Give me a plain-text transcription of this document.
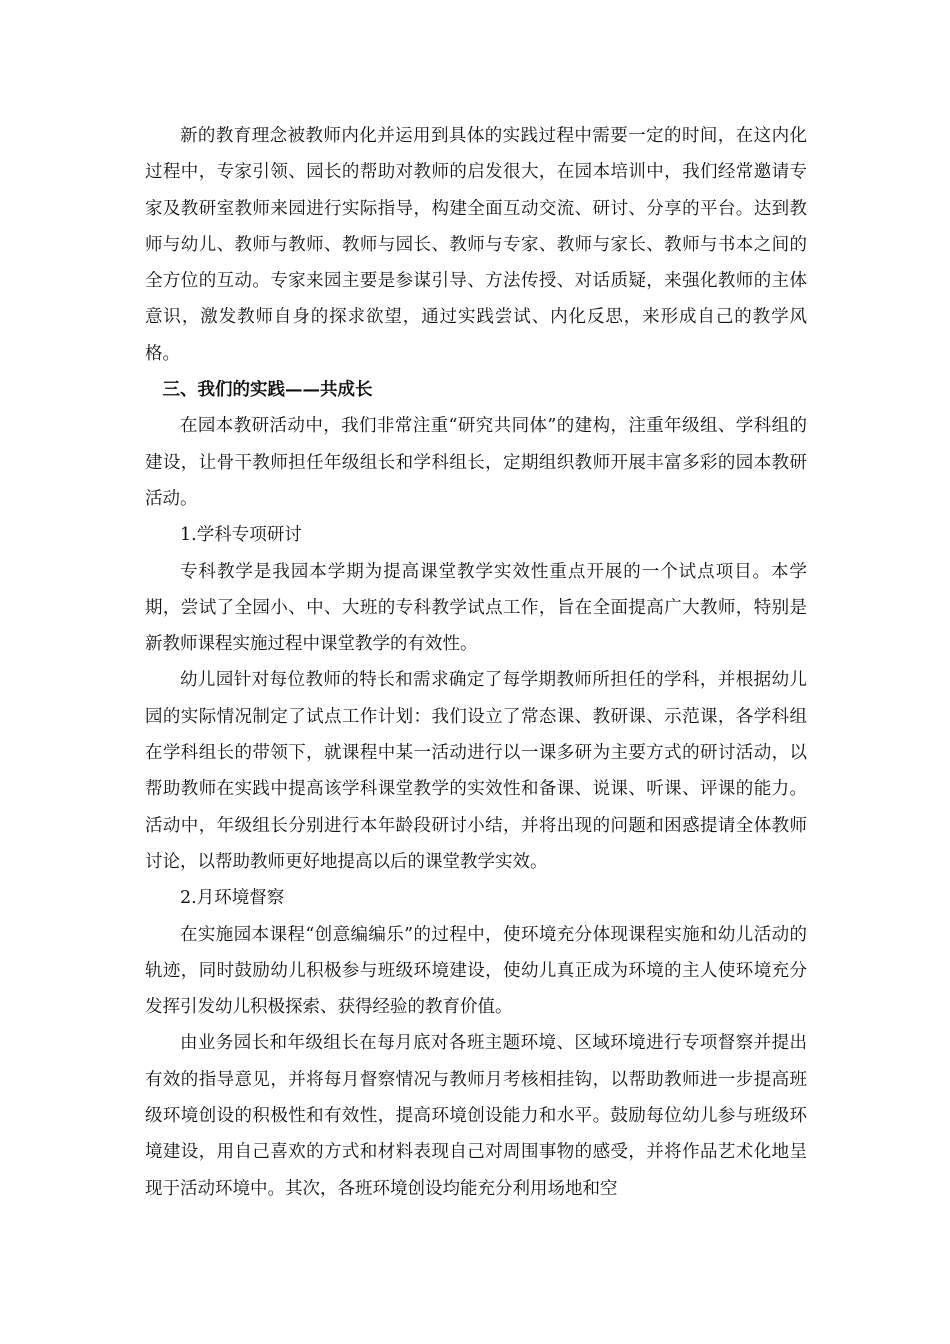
新的教育理念被教师内化并运用到具体的实践过程中需要一定的时间，在这内化过程中，专家引领、园长的帮助对教师的启发很大，在园本培训中，我们经常邀请专家及教研室教师来园进行实际指导，构建全面互动交流、研讨、分享的平台。达到教师与幼儿、教师与教师、教师与园长、教师与专家、教师与家长、教师与书本之间的全方位的互动。专家来园主要是参谋引导、方法传授、对话质疑，来强化教师的主体意识，激发教师自身的探求欲望，通过实践尝试、内化反思，来形成自己的教学风格。

三、我们的实践——共成长

在园本教研活动中，我们非常注重“研究共同体”的建构，注重年级组、学科组的建设，让骨干教师担任年级组长和学科组长，定期组织教师开展丰富多彩的园本教研活动。

1.学科专项研讨

专科教学是我园本学期为提高课堂教学实效性重点开展的一个试点项目。本学期，尝试了全园小、中、大班的专科教学试点工作，旨在全面提高广大教师，特别是新教师课程实施过程中课堂教学的有效性。

幼儿园针对每位教师的特长和需求确定了每学期教师所担任的学科，并根据幼儿园的实际情况制定了试点工作计划：我们设立了常态课、教研课、示范课，各学科组在学科组长的带领下，就课程中某一活动进行以一课多研为主要方式的研讨活动，以帮助教师在实践中提高该学科课堂教学的实效性和备课、说课、听课、评课的能力。活动中，年级组长分别进行本年龄段研讨小结，并将出现的问题和困惑提请全体教师讨论，以帮助教师更好地提高以后的课堂教学实效。

2.月环境督察

在实施园本课程“创意编编乐”的过程中，使环境充分体现课程实施和幼儿活动的轨迹，同时鼓励幼儿积极参与班级环境建设，使幼儿真正成为环境的主人使环境充分发挥引发幼儿积极探索、获得经验的教育价值。

由业务园长和年级组长在每月底对各班主题环境、区域环境进行专项督察并提出有效的指导意见，并将每月督察情况与教师月考核相挂钩，以帮助教师进一步提高班级环境创设的积极性和有效性，提高环境创设能力和水平。鼓励每位幼儿参与班级环境建设，用自己喜欢的方式和材料表现自己对周围事物的感受，并将作品艺术化地呈现于活动环境中。其次，各班环境创设均能充分利用场地和空
